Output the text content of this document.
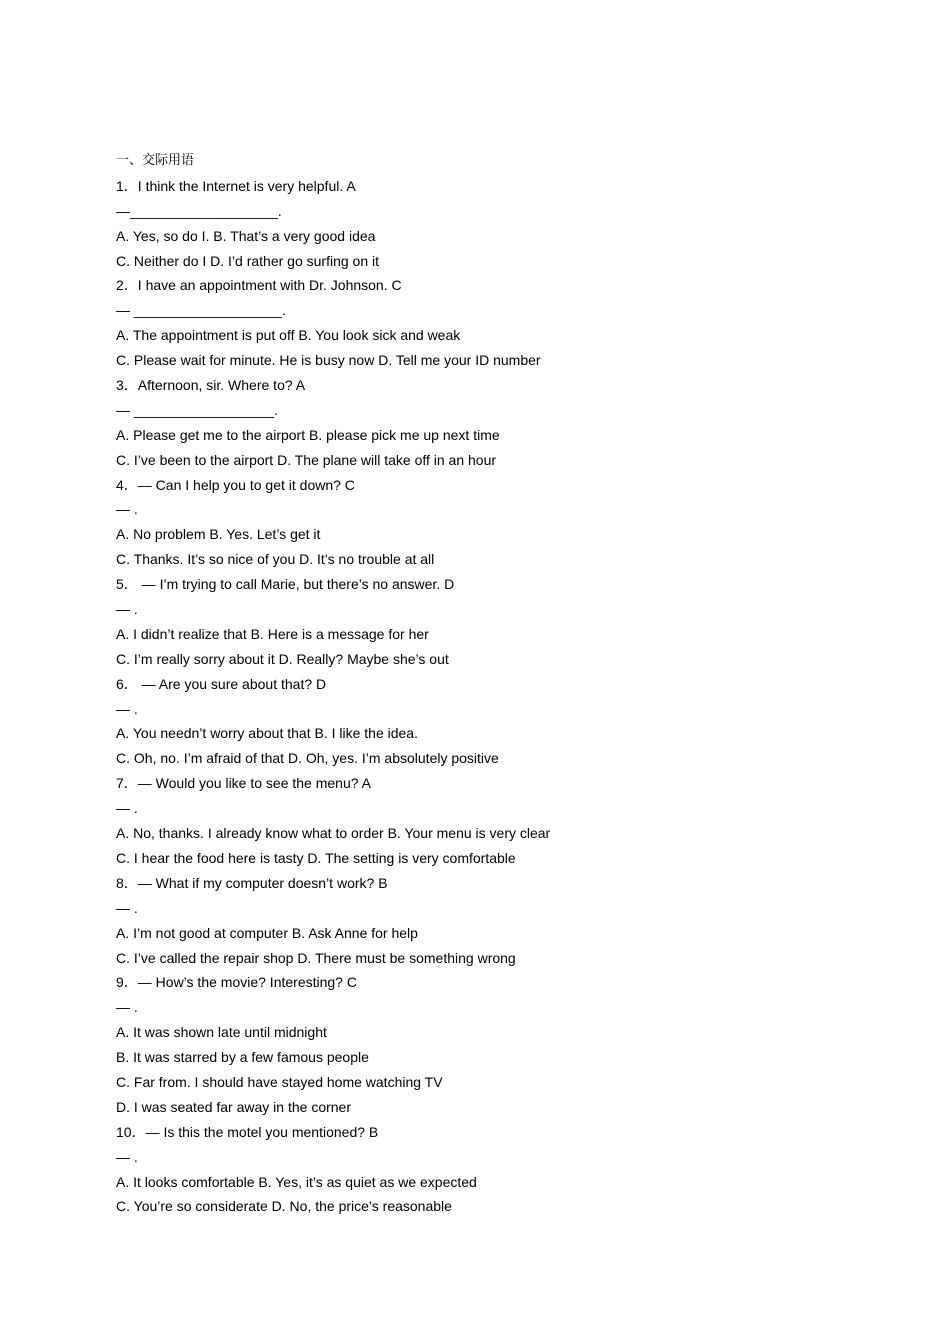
一、交际用语
1．I think the Internet is very helpful. A
—___________________.
A. Yes, so do I. B. That’s a very good idea
C. Neither do I D. I’d rather go surfing on it
2．I have an appointment with Dr. Johnson. C
— ___________________.
A. The appointment is put off B. You look sick and weak
C. Please wait for minute. He is busy now D. Tell me your ID number
3．Afternoon, sir. Where to? A
— __________________.
A. Please get me to the airport B. please pick me up next time
C. I’ve been to the airport D. The plane will take off in an hour
4．— Can I help you to get it down? C
— .
A. No problem B. Yes. Let’s get it
C. Thanks. It’s so nice of you D. It’s no trouble at all
5． — I’m trying to call Marie, but there’s no answer. D
— .
A. I didn’t realize that B. Here is a message for her
C. I’m really sorry about it D. Really? Maybe she’s out
6． — Are you sure about that? D
— .
A. You needn’t worry about that B. I like the idea.
C. Oh, no. I’m afraid of that D. Oh, yes. I’m absolutely positive
7．— Would you like to see the menu? A
— .
A. No, thanks. I already know what to order B. Your menu is very clear
C. I hear the food here is tasty D. The setting is very comfortable
8．— What if my computer doesn’t work? B
— .
A. I’m not good at computer B. Ask Anne for help
C. I’ve called the repair shop D. There must be something wrong
9．— How’s the movie? Interesting? C
— .
A. It was shown late until midnight
B. It was starred by a few famous people
C. Far from. I should have stayed home watching TV
D. I was seated far away in the corner
10．— Is this the motel you mentioned? B
— .
A. It looks comfortable B. Yes, it’s as quiet as we expected
C. You’re so considerate D. No, the price’s reasonable
